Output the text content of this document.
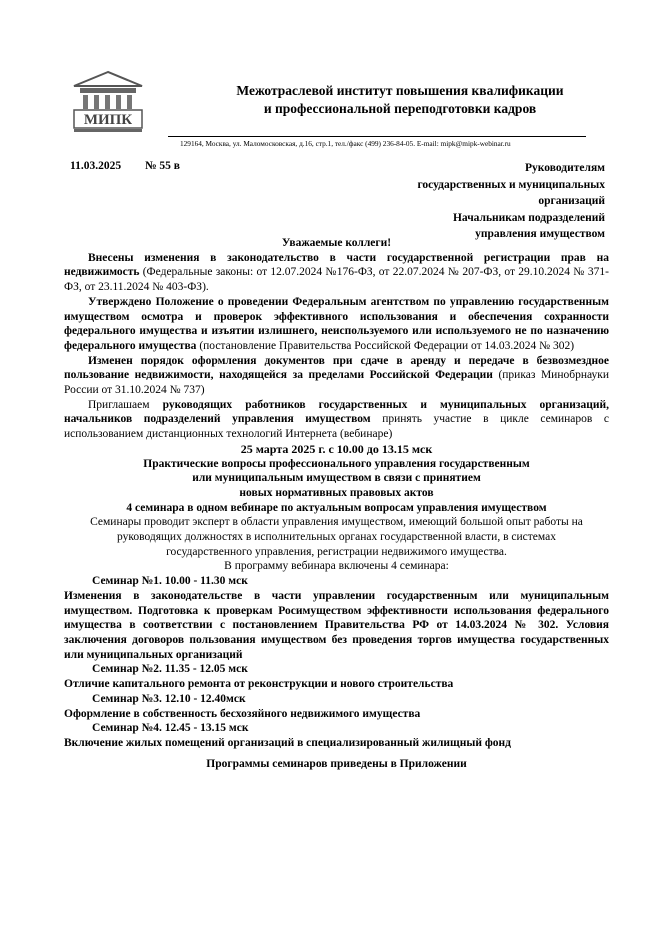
МИПК
Межотраслевой институт повышения квалификации
и профессиональной переподготовки кадров
129164, Москва, ул. Маломосковская, д.16, стр.1, тел./факс (499) 236-84-05. E-mail: mipk@mipk-webinar.ru
11.03.2025 № 55 в	Руководителям
государственных и муниципальных
организаций
Начальникам подразделений
управления имуществом

Уважаемые коллеги!

Внесены изменения в законодательство в части государственной регистрации прав на недвижимость (Федеральные законы: от 12.07.2024 №176-ФЗ, от 22.07.2024 № 207-ФЗ, от 29.10.2024 № 371-ФЗ, от 23.11.2024 № 403-ФЗ).

Утверждено Положение о проведении Федеральным агентством по управлению государственным имуществом осмотра и проверок эффективного использования и обеспечения сохранности федерального имущества и изъятии излишнего, неиспользуемого или используемого не по назначению федерального имущества (постановление Правительства Российской Федерации от 14.03.2024 № 302)

Изменен порядок оформления документов при сдаче в аренду и передаче в безвозмездное пользование недвижимости, находящейся за пределами Российской Федерации (приказ Минобрнауки России от 31.10.2024 № 737)

Приглашаем руководящих работников государственных и муниципальных организаций, начальников подразделений управления имуществом принять участие в цикле семинаров с использованием дистанционных технологий Интернета (вебинаре)

25 марта 2025 г. с 10.00 до 13.15 мск

Практические вопросы профессионального управления государственным

или муниципальным имуществом в связи с принятием

новых нормативных правовых актов

4 семинара в одном вебинаре по актуальным вопросам управления имуществом

Семинары проводит эксперт в области управления имуществом, имеющий большой опыт работы на руководящих должностях в исполнительных органах государственной власти, в системах государственного управления, регистрации недвижимого имущества.

В программу вебинара включены 4 семинара:

Семинар №1. 10.00 - 11.30 мск

Изменения в законодательстве в части управлении государственным или муниципальным имуществом. Подготовка к проверкам Росимуществом эффективности использования федерального имущества в соответствии с постановлением Правительства РФ от 14.03.2024 № 302. Условия заключения договоров пользования имуществом без проведения торгов имущества государственных или муниципальных организаций

Семинар №2. 11.35 - 12.05 мск

Отличие капитального ремонта от реконструкции и нового строительства

Семинар №3. 12.10 - 12.40мск

Оформление в собственность бесхозяйного недвижимого имущества

Семинар №4. 12.45 - 13.15 мск

Включение жилых помещений организаций в специализированный жилищный фонд

Программы семинаров приведены в Приложении
